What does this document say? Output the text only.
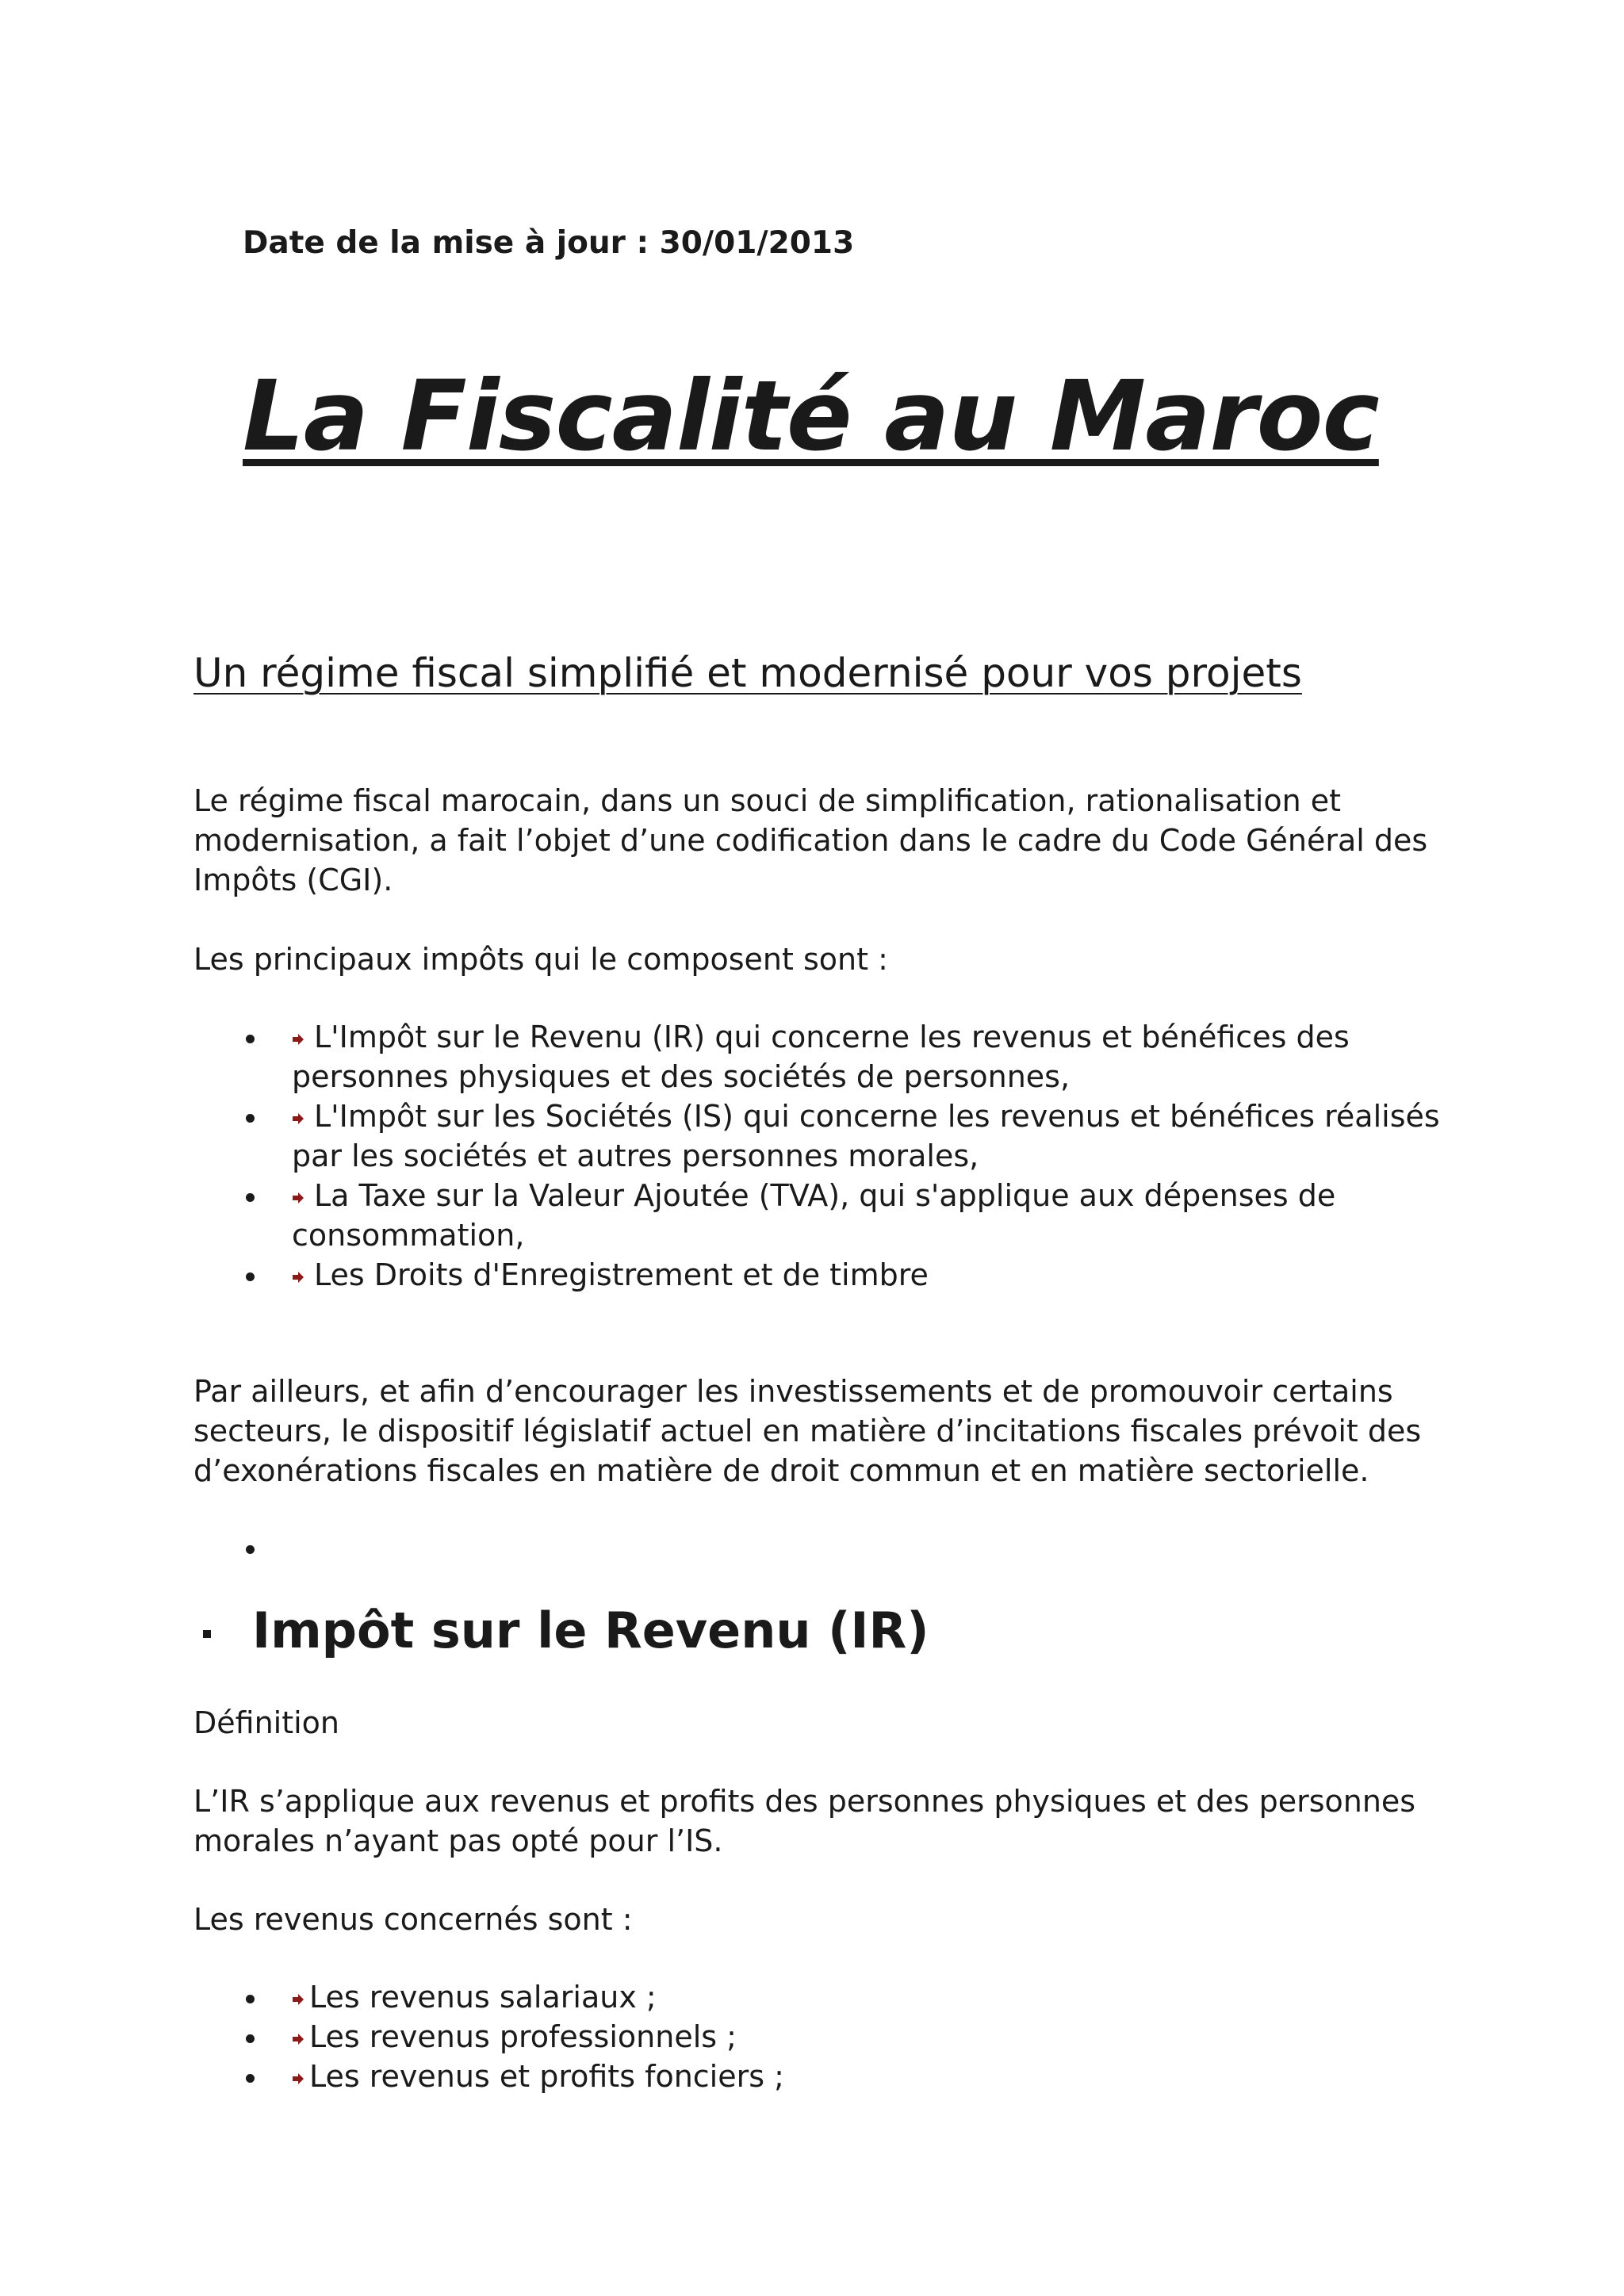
Date de la mise à jour : 30/01/2013
La Fiscalité au Maroc
Un régime fiscal simplifié et modernisé pour vos projets

Le régime fiscal marocain, dans un souci de simplification, rationalisation et modernisation, a fait l’objet d’une codification dans le cadre du Code Général des Impôts (CGI).

Les principaux impôts qui le composent sont :

L'Impôt sur le Revenu (IR) qui concerne les revenus et bénéfices des personnes physiques et des sociétés de personnes,
L'Impôt sur les Sociétés (IS) qui concerne les revenus et bénéfices réalisés par les sociétés et autres personnes morales,
La Taxe sur la Valeur Ajoutée (TVA), qui s'applique aux dépenses de consommation,
Les Droits d'Enregistrement et de timbre

Par ailleurs, et afin d’encourager les investissements et de promouvoir certains secteurs, le dispositif législatif actuel en matière d’incitations fiscales prévoit des d’exonérations fiscales en matière de droit commun et en matière sectorielle.

Impôt sur le Revenu (IR)

Définition

L’IR s’applique aux revenus et profits des personnes physiques et des personnes morales n’ayant pas opté pour l’IS.

Les revenus concernés sont :

Les revenus salariaux ;
Les revenus professionnels ;
Les revenus et profits fonciers ;
